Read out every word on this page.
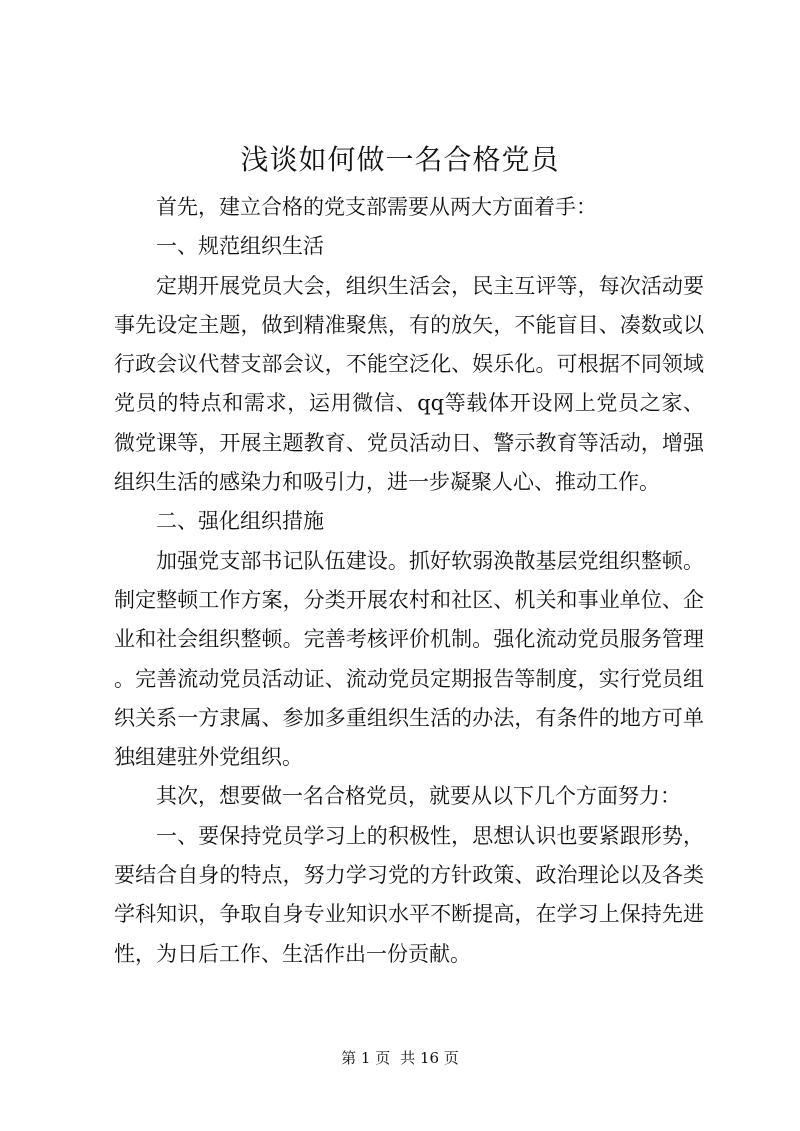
浅谈如何做一名合格党员

首先，建立合格的党支部需要从两大方面着手：

一、规范组织生活

定期开展党员大会，组织生活会，民主互评等，每次活动要事先设定主题，做到精准聚焦，有的放矢，不能盲目、凑数或以行政会议代替支部会议，不能空泛化、娱乐化。可根据不同领域党员的特点和需求，运用微信、qq等载体开设网上党员之家、微党课等，开展主题教育、党员活动日、警示教育等活动，增强组织生活的感染力和吸引力，进一步凝聚人心、推动工作。

二、强化组织措施

加强党支部书记队伍建设。抓好软弱涣散基层党组织整顿。制定整顿工作方案，分类开展农村和社区、机关和事业单位、企业和社会组织整顿。完善考核评价机制。强化流动党员服务管理。完善流动党员活动证、流动党员定期报告等制度，实行党员组织关系一方隶属、参加多重组织生活的办法，有条件的地方可单独组建驻外党组织。

其次，想要做一名合格党员，就要从以下几个方面努力：

一、要保持党员学习上的积极性，思想认识也要紧跟形势，要结合自身的特点，努力学习党的方针政策、政治理论以及各类学科知识，争取自身专业知识水平不断提高，在学习上保持先进性，为日后工作、生活作出一份贡献。

第 1 页 共 16 页
